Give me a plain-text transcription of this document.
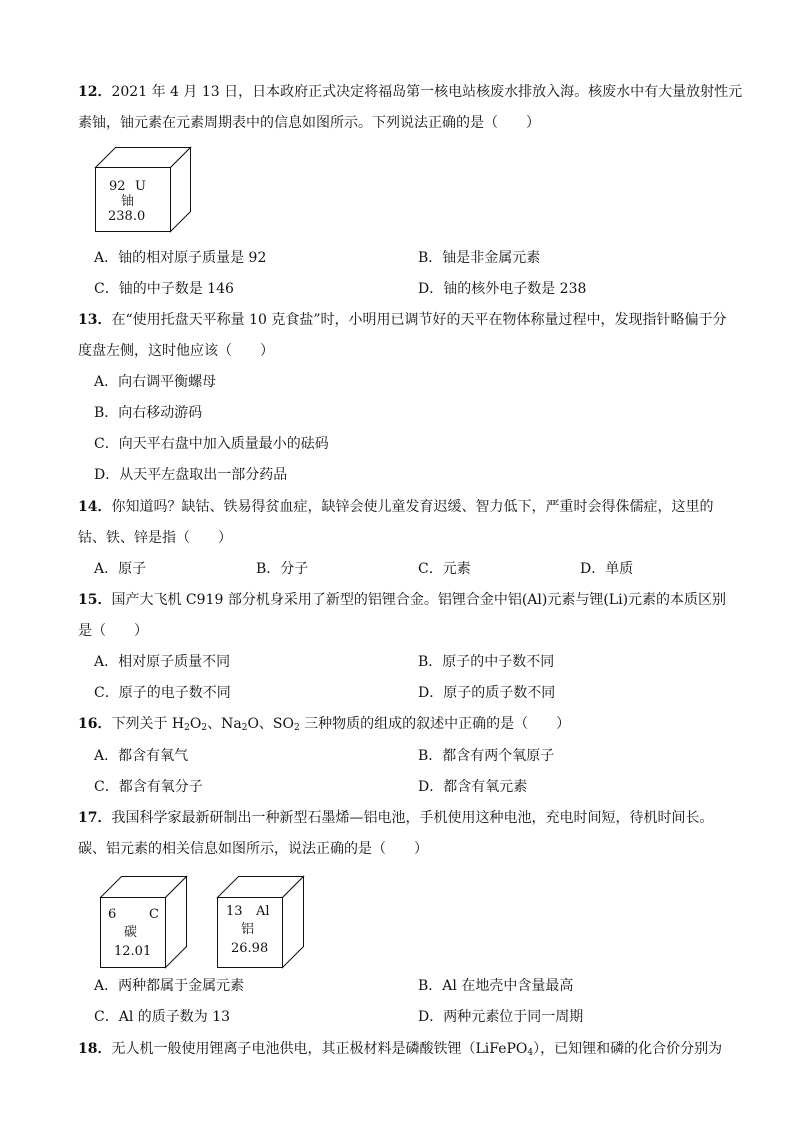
12．2021 年 4 月 13 日，日本政府正式决定将福岛第一核电站核废水排放入海。核废水中有大量放射性元
素铀，铀元素在元素周期表中的信息如图所示。下列说法正确的是（　　）
92 U
铀
238.0
A．铀的相对原子质量是 92	B．铀是非金属元素
C．铀的中子数是 146	D．铀的核外电子数是 238
13．在“使用托盘天平称量 10 克食盐”时，小明用已调节好的天平在物体称量过程中，发现指针略偏于分
度盘左侧，这时他应该（　　）
A．向右调平衡螺母
B．向右移动游码
C．向天平右盘中加入质量最小的砝码
D．从天平左盘取出一部分药品
14．你知道吗？缺钴、铁易得贫血症，缺锌会使儿童发育迟缓、智力低下，严重时会得侏儒症，这里的
钴、铁、锌是指（　　）
A．原子	B．分子	C．元素	D．单质
15．国产大飞机 C919 部分机身采用了新型的铝锂合金。铝锂合金中铝(Al)元素与锂(Li)元素的本质区别
是（　　）
A．相对原子质量不同	B．原子的中子数不同
C．原子的电子数不同	D．原子的质子数不同
16．下列关于 $H_2O_2$、$Na_2O$、$SO_2$ 三种物质的组成的叙述中正确的是（　　）
A．都含有氧气	B．都含有两个氧原子
C．都含有氧分子	D．都含有氧元素
17．我国科学家最新研制出一种新型石墨烯—铝电池，手机使用这种电池，充电时间短，待机时间长。
碳、铝元素的相关信息如图所示，说法正确的是（　　）
6	C
碳
12.01
13 Al
铝
26.98
A．两种都属于金属元素	B．Al 在地壳中含量最高
C．Al 的质子数为 13	D．两种元素位于同一周期
18．无人机一般使用锂离子电池供电，其正极材料是磷酸铁锂（LiFePO$_4$），已知锂和磷的化合价分别为
